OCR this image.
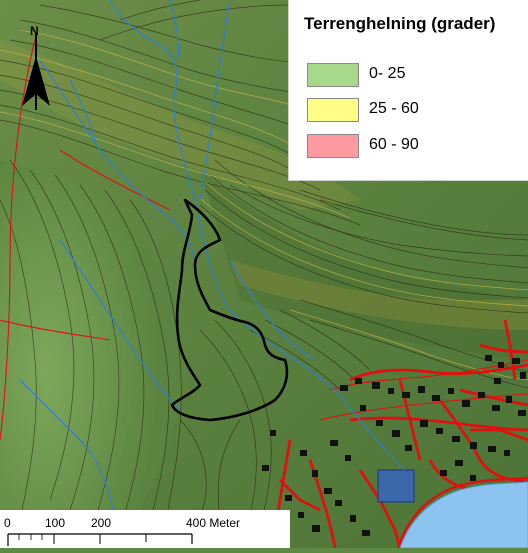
N	Terrenghelning (grader)
0- 25
25 - 60
60 - 90
0	100 200	400 Meter
